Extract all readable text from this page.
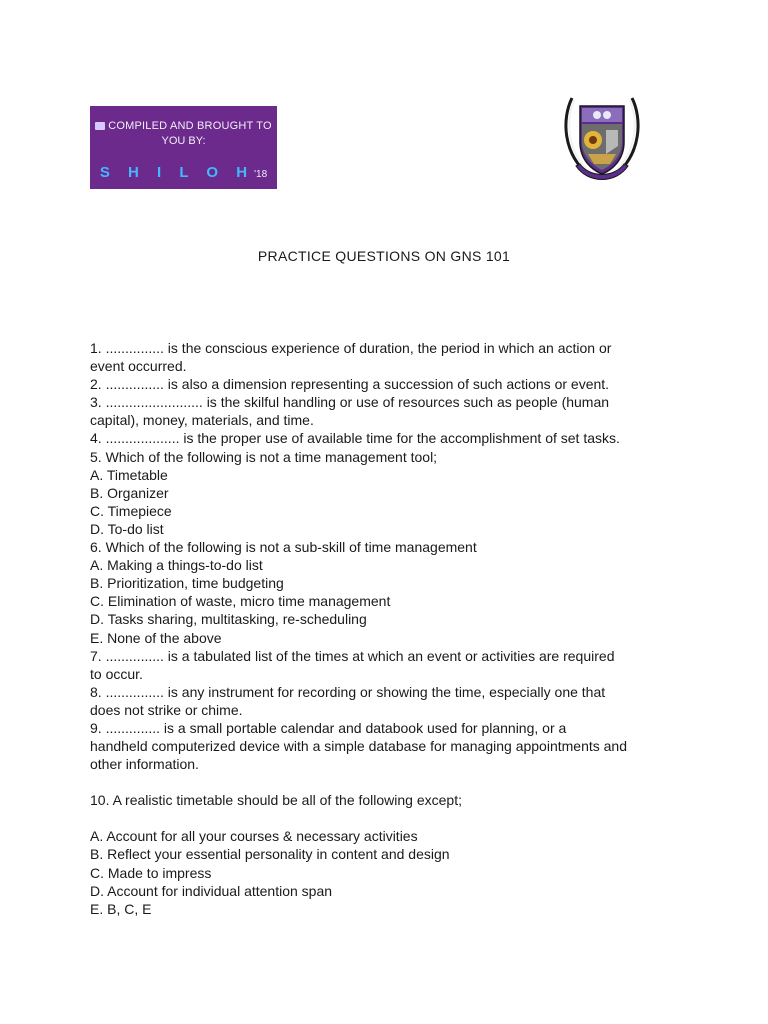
COMPILED AND BROUGHT TO
YOU BY:
S H I L O H'18
PRACTICE QUESTIONS ON GNS 101

1. ............... is the conscious experience of duration, the period in which an action or

event occurred.

2. ............... is also a dimension representing a succession of such actions or event.

3. ......................... is the skilful handling or use of resources such as people (human

capital), money, materials, and time.

4. ................... is the proper use of available time for the accomplishment of set tasks.

5. Which of the following is not a time management tool;

A. Timetable

B. Organizer

C. Timepiece

D. To-do list

6. Which of the following is not a sub-skill of time management

A. Making a things-to-do list

B. Prioritization, time budgeting

C. Elimination of waste, micro time management

D. Tasks sharing, multitasking, re-scheduling

E. None of the above

7. ............... is a tabulated list of the times at which an event or activities are required

to occur.

8. ............... is any instrument for recording or showing the time, especially one that

does not strike or chime.

9. .............. is a small portable calendar and databook used for planning, or a

handheld computerized device with a simple database for managing appointments and

other information.

10. A realistic timetable should be all of the following except;

A. Account for all your courses & necessary activities

B. Reflect your essential personality in content and design

C. Made to impress

D. Account for individual attention span

E. B, C, E
